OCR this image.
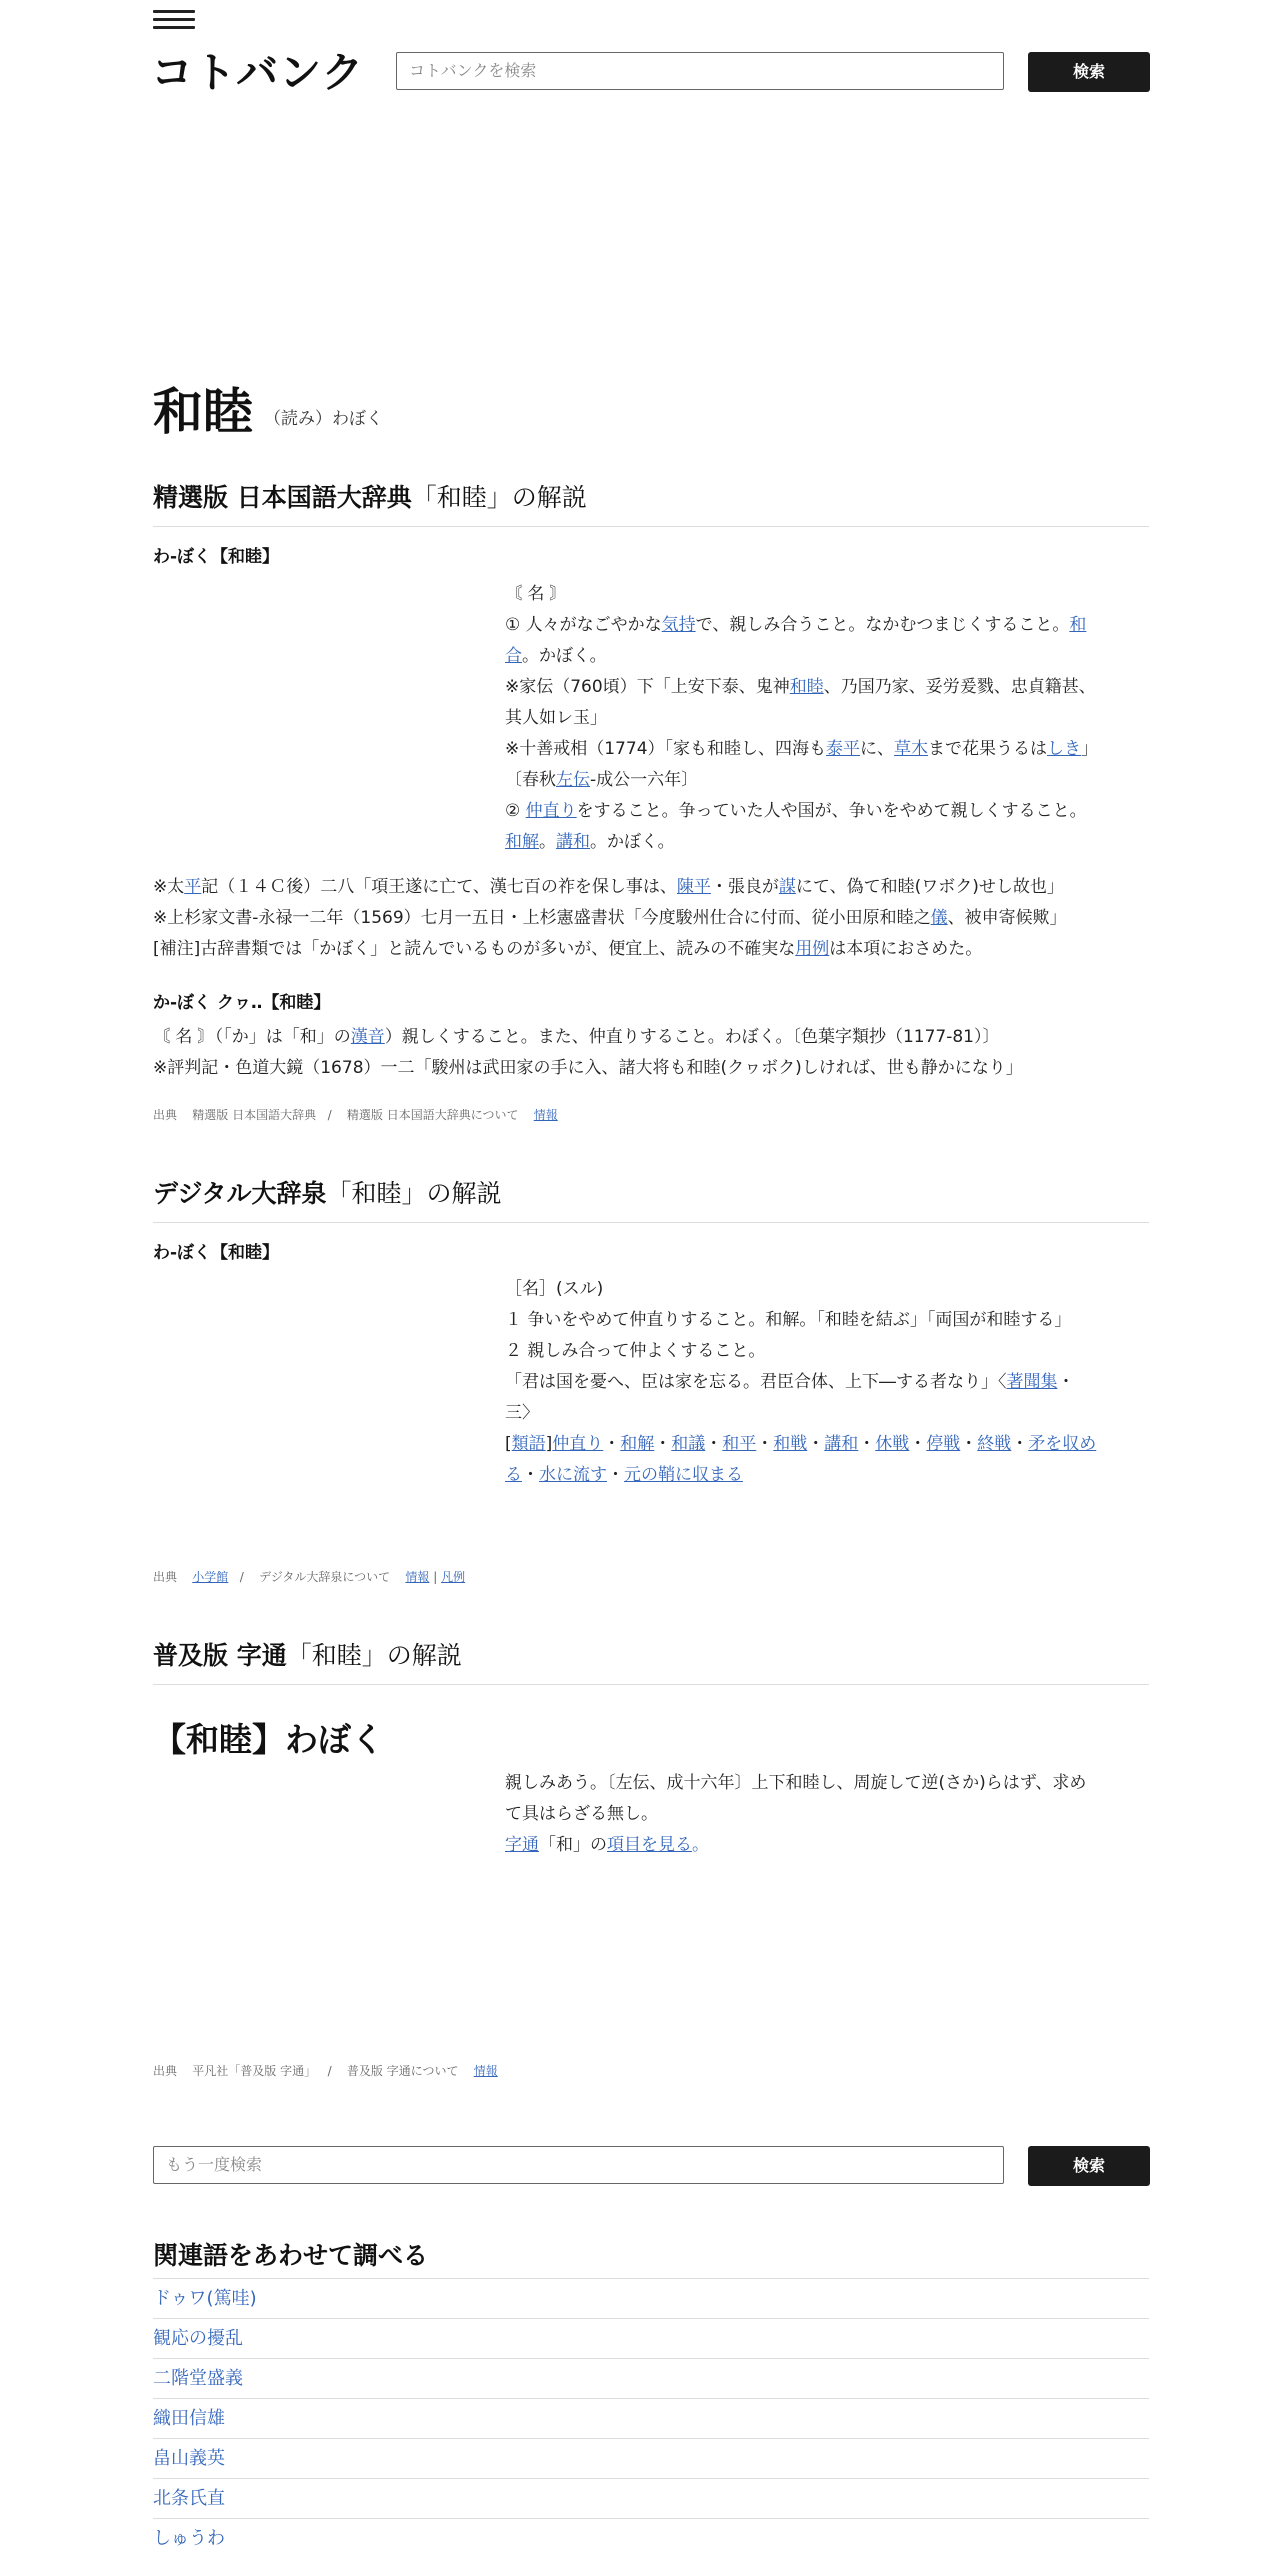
コトバンク	コトバンクを検索	検索
和睦 （読み）わぼく
精選版 日本国語大辞典「和睦」の解説
わ‐ぼく【和睦】
〘 名 〙
① 人々がなごやかな気持で、親しみ合うこと。なかむつまじくすること。和
合。かぼく。
※家伝（760頃）下「上安下泰、鬼神和睦、乃国乃家、妥労爰戮、忠貞籍甚、
其人如レ玉」
※十善戒相（1774）「家も和睦し、四海も泰平に、草木まで花果うるはしき」
〔春秋左伝‐成公一六年〕
② 仲直りをすること。争っていた人や国が、争いをやめて親しくすること。
和解。講和。かぼく。
※太平記（１４Ｃ後）二八「項王遂に亡て、漢七百の祚を保し事は、陳平・張良が謀にて、偽て和睦(ワボク)せし故也」
※上杉家文書‐永禄一二年（1569）七月一五日・上杉憲盛書状「今度駿州仕合に付而、従小田原和睦之儀、被申寄候歟」
[補注]古辞書類では「かぼく」と読んでいるものが多いが、便宜上、読みの不確実な用例は本項におさめた。
か‐ぼく クヮ‥【和睦】
〘 名 〙（「か」は「和」の漢音）親しくすること。また、仲直りすること。わぼく。〔色葉字類抄（1177‐81）〕
※評判記・色道大鏡（1678）一二「駿州は武田家の手に入、諸大将も和睦(クヮボク)しければ、世も静かになり」
出典 精選版 日本国語大辞典 / 精選版 日本国語大辞典について 情報
デジタル大辞泉「和睦」の解説
わ‐ぼく【和睦】
［名］(スル)
１ 争いをやめて仲直りすること。和解。「和睦を結ぶ」「両国が和睦する」
２ 親しみ合って仲よくすること。
「君は国を憂へ、臣は家を忘る。君臣合体、上下―する者なり」〈著聞集・
三〉
[類語]仲直り・和解・和議・和平・和戦・講和・休戦・停戦・終戦・矛を収め
る・水に流す・元の鞘に収まる
出典 小学館 / デジタル大辞泉について 情報 | 凡例
普及版 字通「和睦」の解説
【和睦】わぼく
親しみあう。〔左伝、成十六年〕上下和睦し、周旋して逆(さか)らはず、求め
て具はらざる無し。
字通「和」の項目を見る。
出典 平凡社「普及版 字通」 / 普及版 字通について 情報
もう一度検索	検索
関連語をあわせて調べる
ドゥワ(篤哇)
観応の擾乱
二階堂盛義
織田信雄
畠山義英
北条氏直
しゅうわ
